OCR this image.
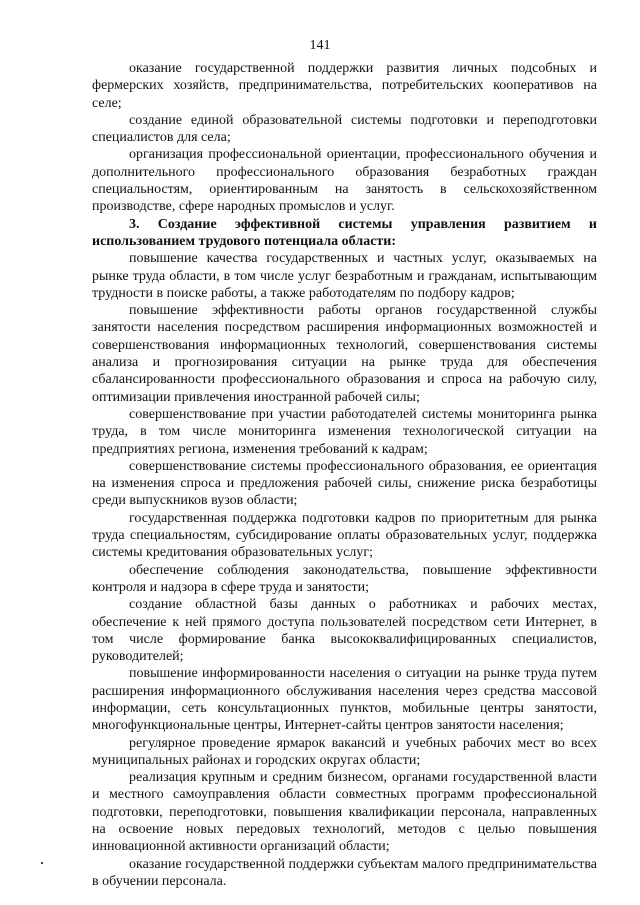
141

оказание государственной поддержки развития личных подсобных и фермерских хозяйств, предпринимательства, потребительских кооперативов на селе;

создание единой образовательной системы подготовки и переподготовки специалистов для села;

организация профессиональной ориентации, профессионального обучения и дополнительного профессионального образования безработных граждан специальностям, ориентированным на занятость в сельскохозяйственном производстве, сфере народных промыслов и услуг.

3. Создание эффективной системы управления развитием и использованием трудового потенциала области:

повышение качества государственных и частных услуг, оказываемых на рынке труда области, в том числе услуг безработным и гражданам, испытывающим трудности в поиске работы, а также работодателям по подбору кадров;

повышение эффективности работы органов государственной службы занятости населения посредством расширения информационных возможностей и совершенствования информационных технологий, совершенствования системы анализа и прогнозирования ситуации на рынке труда для обеспечения сбалансированности профессионального образования и спроса на рабочую силу, оптимизации привлечения иностранной рабочей силы;

совершенствование при участии работодателей системы мониторинга рынка труда, в том числе мониторинга изменения технологической ситуации на предприятиях региона, изменения требований к кадрам;

совершенствование системы профессионального образования, ее ориентация на изменения спроса и предложения рабочей силы, снижение риска безработицы среди выпускников вузов области;

государственная поддержка подготовки кадров по приоритетным для рынка труда специальностям, субсидирование оплаты образовательных услуг, поддержка системы кредитования образовательных услуг;

обеспечение соблюдения законодательства, повышение эффективности контроля и надзора в сфере труда и занятости;

создание областной базы данных о работниках и рабочих местах, обеспечение к ней прямого доступа пользователей посредством сети Интернет, в том числе формирование банка высококвалифицированных специалистов, руководителей;

повышение информированности населения о ситуации на рынке труда путем расширения информационного обслуживания населения через средства массовой информации, сеть консультационных пунктов, мобильные центры занятости, многофункциональные центры, Интернет-сайты центров занятости населения;

регулярное проведение ярмарок вакансий и учебных рабочих мест во всех муниципальных районах и городских округах области;

реализация крупным и средним бизнесом, органами государственной власти и местного самоуправления области совместных программ профессиональной подготовки, переподготовки, повышения квалификации персонала, направленных на освоение новых передовых технологий, методов с целью повышения инновационной активности организаций области;

оказание государственной поддержки субъектам малого предпринимательства в обучении персонала.
